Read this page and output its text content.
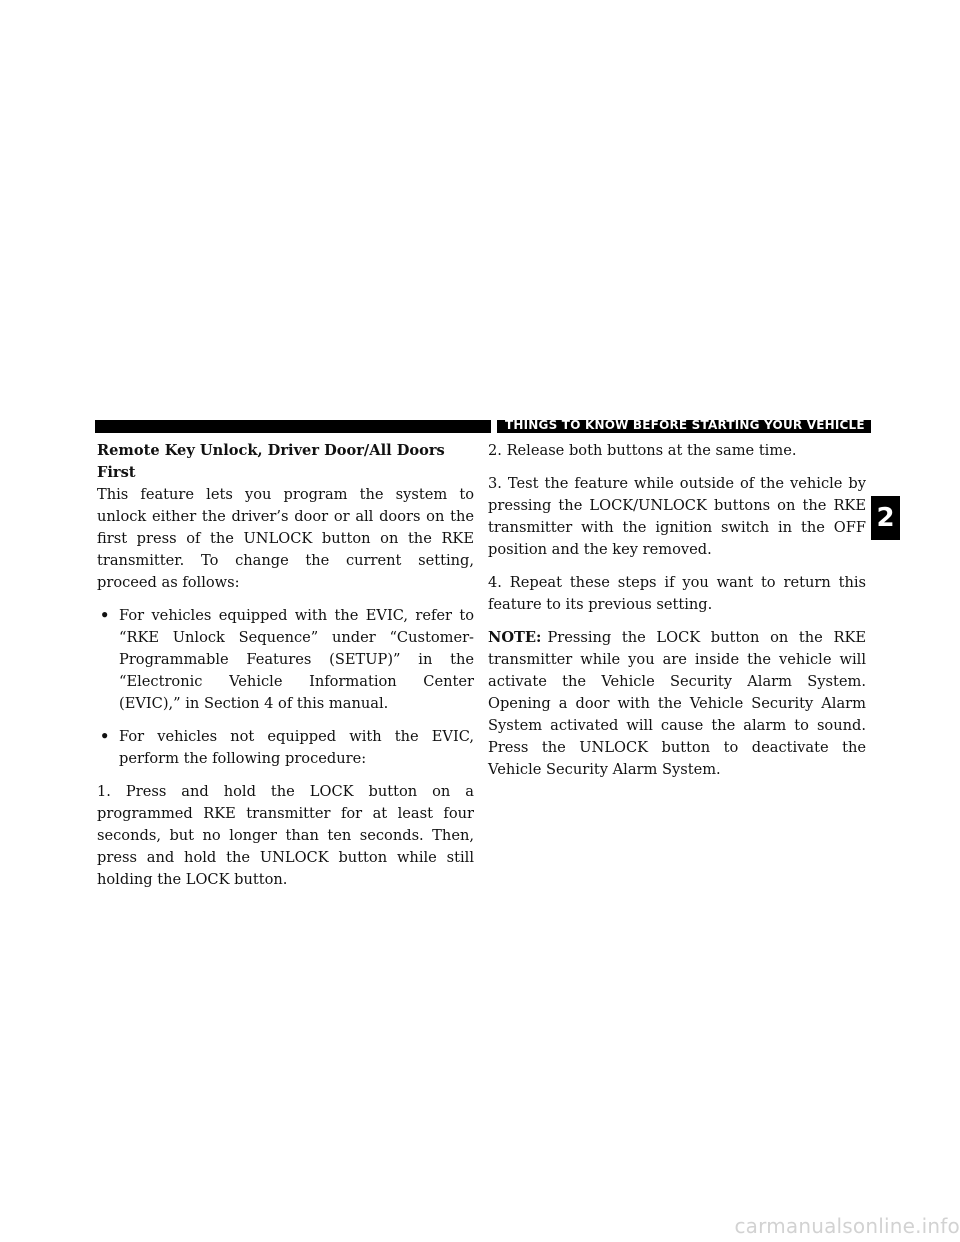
THINGS TO KNOW BEFORE STARTING YOUR VEHICLE 21
2

Remote Key Unlock, Driver Door/All Doors First

This feature lets you program the system to unlock either the driver’s door or all doors on the first press of the UNLOCK button on the RKE transmitter. To change the current setting, proceed as follows:

• For vehicles equipped with the EVIC, refer to “RKE Unlock Sequence” under “Customer-Programmable Features (SETUP)” in the “Electronic Vehicle Information Center (EVIC),” in Section 4 of this manual.
• For vehicles not equipped with the EVIC, perform the following procedure:

1. Press and hold the LOCK button on a programmed RKE transmitter for at least four seconds, but no longer than ten seconds. Then, press and hold the UNLOCK button while still holding the LOCK button.

2. Release both buttons at the same time.

3. Test the feature while outside of the vehicle by pressing the LOCK/UNLOCK buttons on the RKE transmitter with the ignition switch in the OFF position and the key removed.

4. Repeat these steps if you want to return this feature to its previous setting.

NOTE: Pressing the LOCK button on the RKE transmitter while you are inside the vehicle will activate the Vehicle Security Alarm System. Opening a door with the Vehicle Security Alarm System activated will cause the alarm to sound. Press the UNLOCK button to deactivate the Vehicle Security Alarm System.

carmanualsonline.info
